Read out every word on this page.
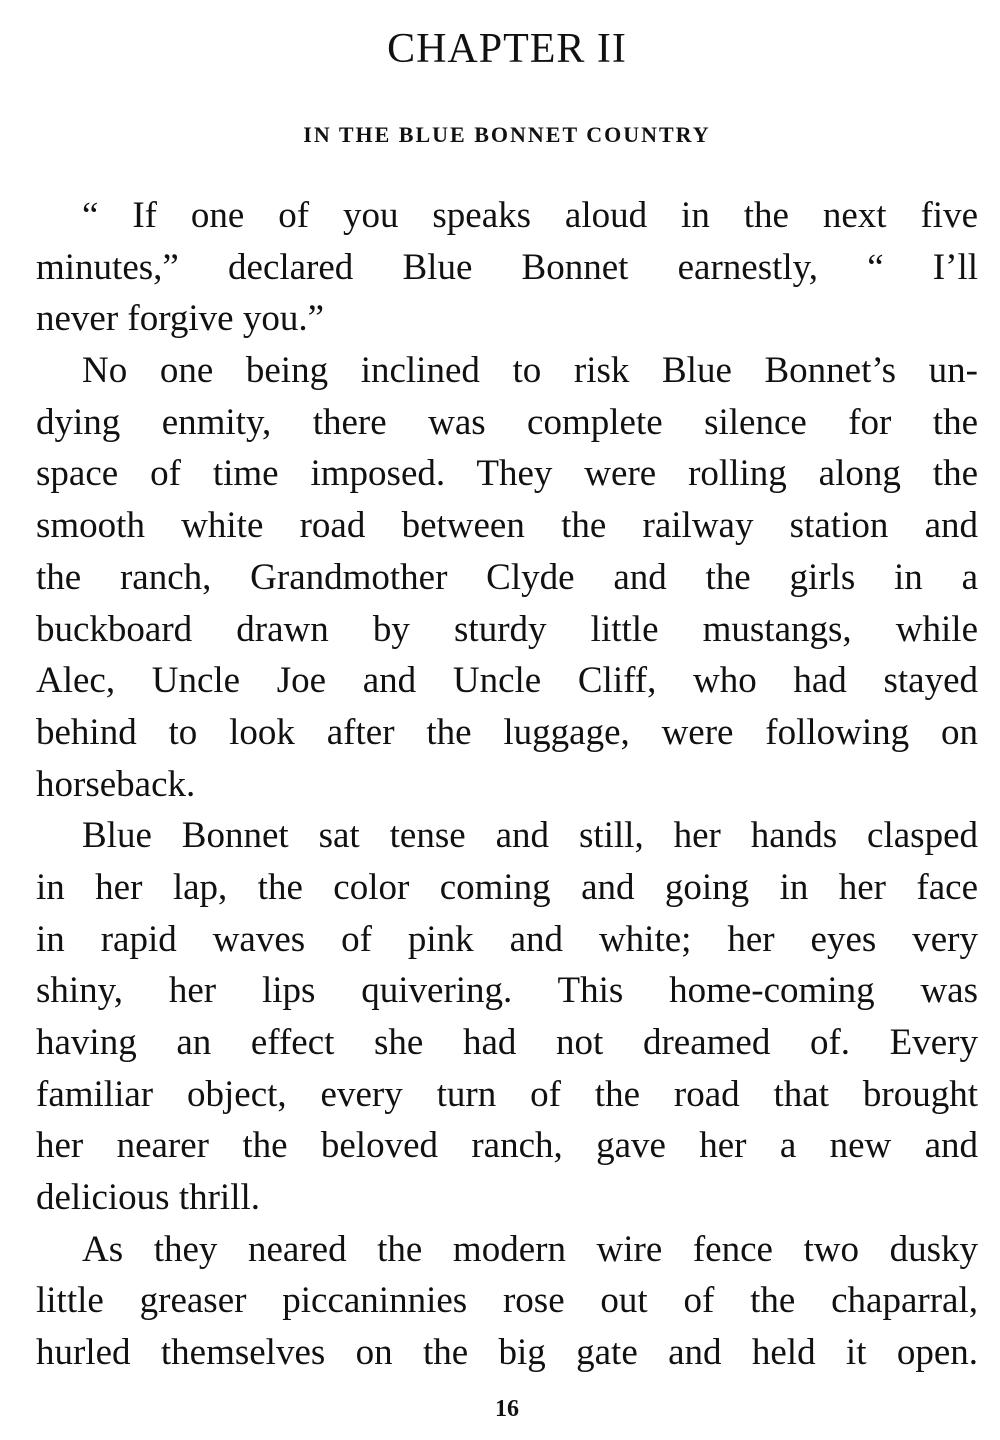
CHAPTER II
IN THE BLUE BONNET COUNTRY

“ If one of you speaks aloud in the next five
minutes,” declared Blue Bonnet earnestly, “ I’ll
never forgive you.”

No one being inclined to risk Blue Bonnet’s un-
dying enmity, there was complete silence for the
space of time imposed. They were rolling along the
smooth white road between the railway station and
the ranch, Grandmother Clyde and the girls in a
buckboard drawn by sturdy little mustangs, while
Alec, Uncle Joe and Uncle Cliff, who had stayed
behind to look after the luggage, were following on
horseback.

Blue Bonnet sat tense and still, her hands clasped
in her lap, the color coming and going in her face
in rapid waves of pink and white; her eyes very
shiny, her lips quivering. This home-coming was
having an effect she had not dreamed of. Every
familiar object, every turn of the road that brought
her nearer the beloved ranch, gave her a new and
delicious thrill.

As they neared the modern wire fence two dusky
little greaser piccaninnies rose out of the chaparral,
hurled themselves on the big gate and held it open.

16
